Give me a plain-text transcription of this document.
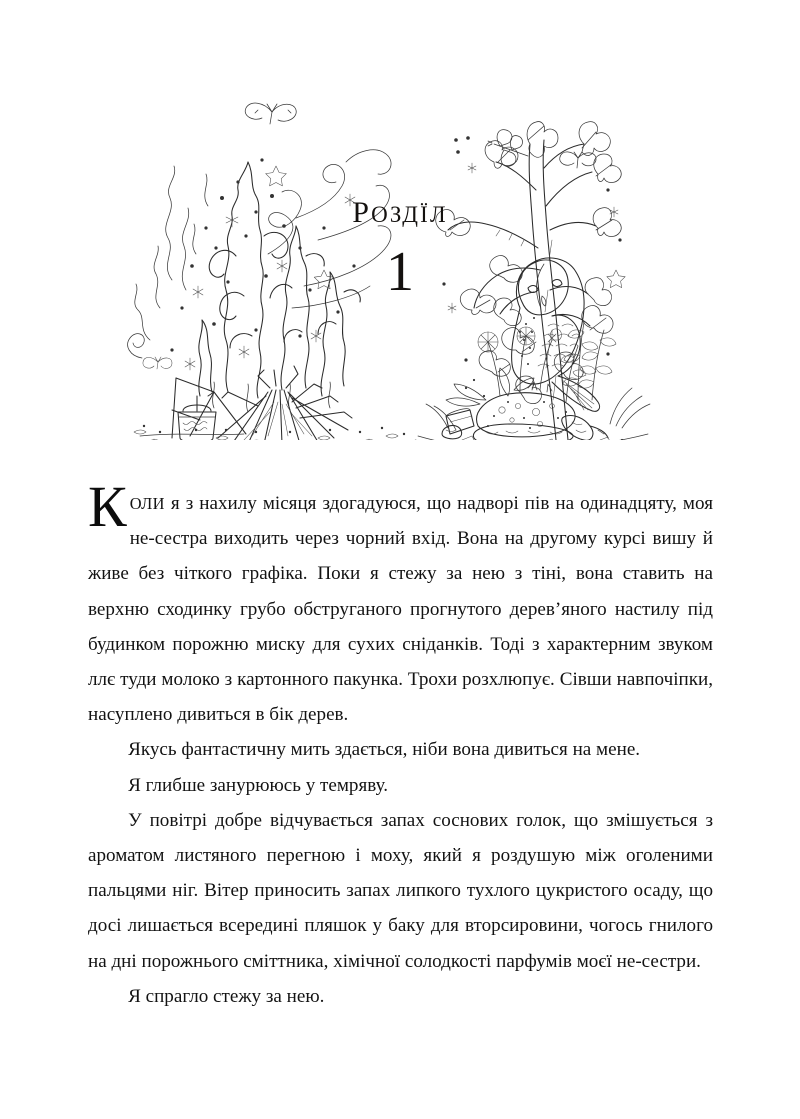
РОЗДЇЛ
1

КОЛИ я з нахилу місяця здогадуюся, що надворі пів на одинадцяту, моя не-сестра виходить через чорний вхід. Вона на другому курсі вишу й живе без чіткого графіка. Поки я стежу за нею з тіні, вона ставить на верхню сходинку грубо обструганого прогнутого дерев’яного настилу під будинком порожню миску для сухих сніданків. Тоді з характерним звуком ллє туди молоко з картонного пакунка. Трохи розхлюпує. Сівши навпочіпки, насуплено дивиться в бік дерев.

Якусь фантастичну мить здається, ніби вона дивиться на мене.

Я глибше занурююсь у темряву.

У повітрі добре відчувається запах соснових голок, що змішується з ароматом листяного перегною і моху, який я роздушую між оголеними пальцями ніг. Вітер приносить запах липкого тухлого цукристого осаду, що досі лишається всередині пляшок у баку для вторсировини, чогось гнилого на дні порожнього сміттника, хімічної солодкості парфумів моєї не-сестри.

Я спрагло стежу за нею.
